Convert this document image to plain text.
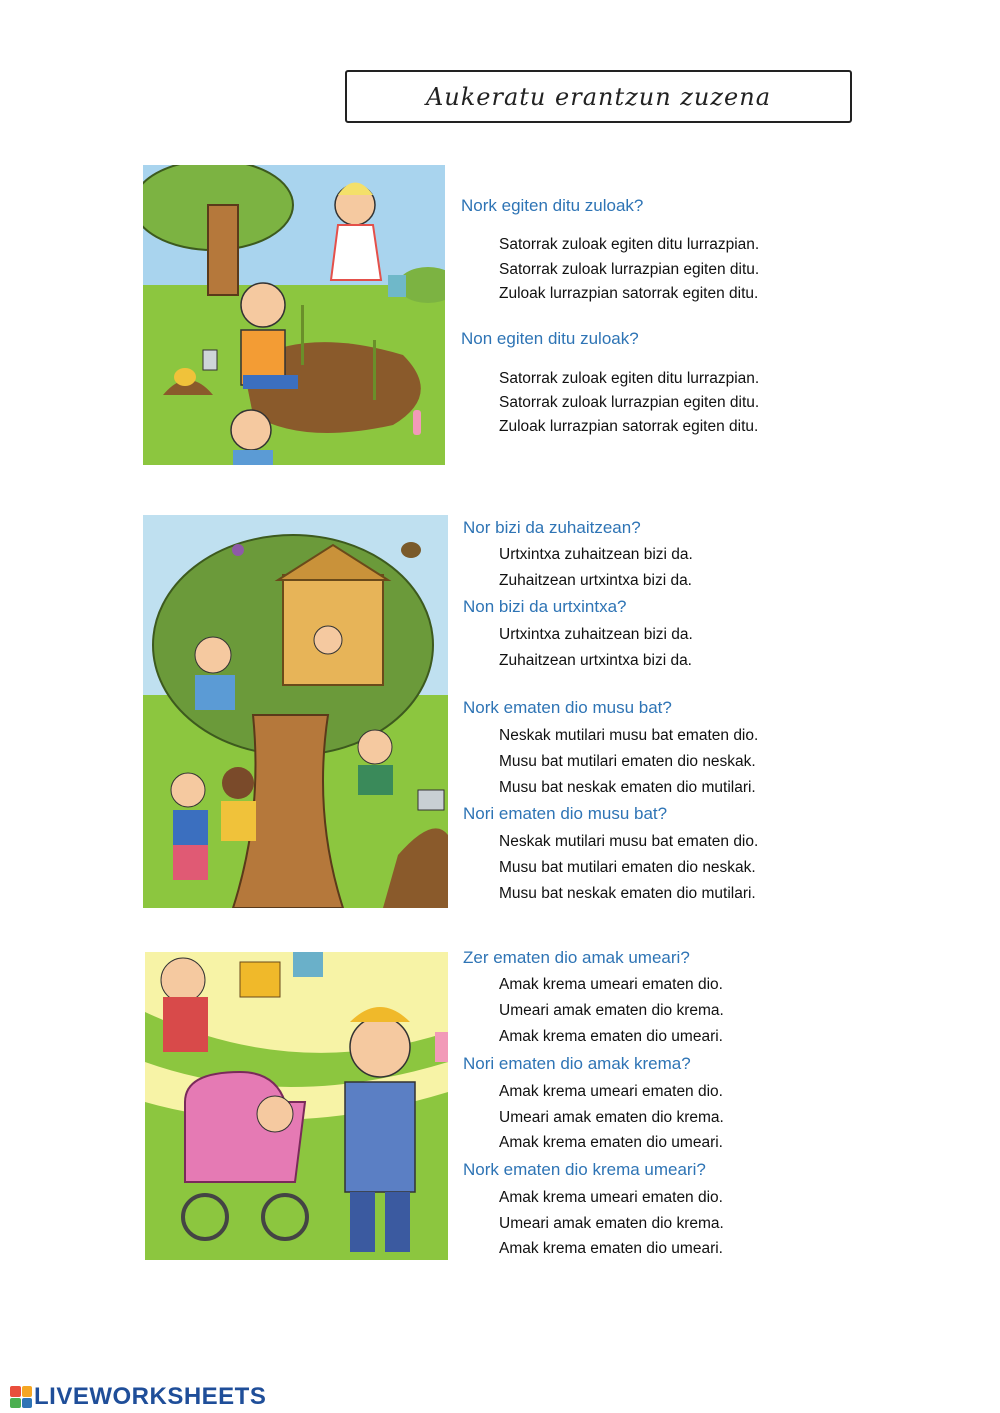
Aukeratu erantzun zuzena
Nork egiten ditu zuloak?
Satorrak zuloak egiten ditu lurrazpian.
Satorrak zuloak lurrazpian egiten ditu.
Zuloak lurrazpian satorrak egiten ditu.
Non egiten ditu zuloak?
Satorrak zuloak egiten ditu lurrazpian.
Satorrak zuloak lurrazpian egiten ditu.
Zuloak lurrazpian satorrak egiten ditu.
Nor bizi da zuhaitzean?
Urtxintxa zuhaitzean bizi da.
Zuhaitzean urtxintxa bizi da.
Non bizi da urtxintxa?
Urtxintxa zuhaitzean bizi da.
Zuhaitzean urtxintxa bizi da.
Nork ematen dio musu bat?
Neskak mutilari musu bat ematen dio.
Musu bat mutilari ematen dio neskak.
Musu bat neskak ematen dio mutilari.
Nori ematen dio musu bat?
Neskak mutilari musu bat ematen dio.
Musu bat mutilari ematen dio neskak.
Musu bat neskak ematen dio mutilari.
Zer ematen dio amak umeari?
Amak krema umeari ematen dio.
Umeari amak ematen dio krema.
Amak krema ematen dio umeari.
Nori ematen dio amak krema?
Amak krema umeari ematen dio.
Umeari amak ematen dio krema.
Amak krema ematen dio umeari.
Nork ematen dio krema umeari?
Amak krema umeari ematen dio.
Umeari amak ematen dio krema.
Amak krema ematen dio umeari.
LIVEWORKSHEETS
